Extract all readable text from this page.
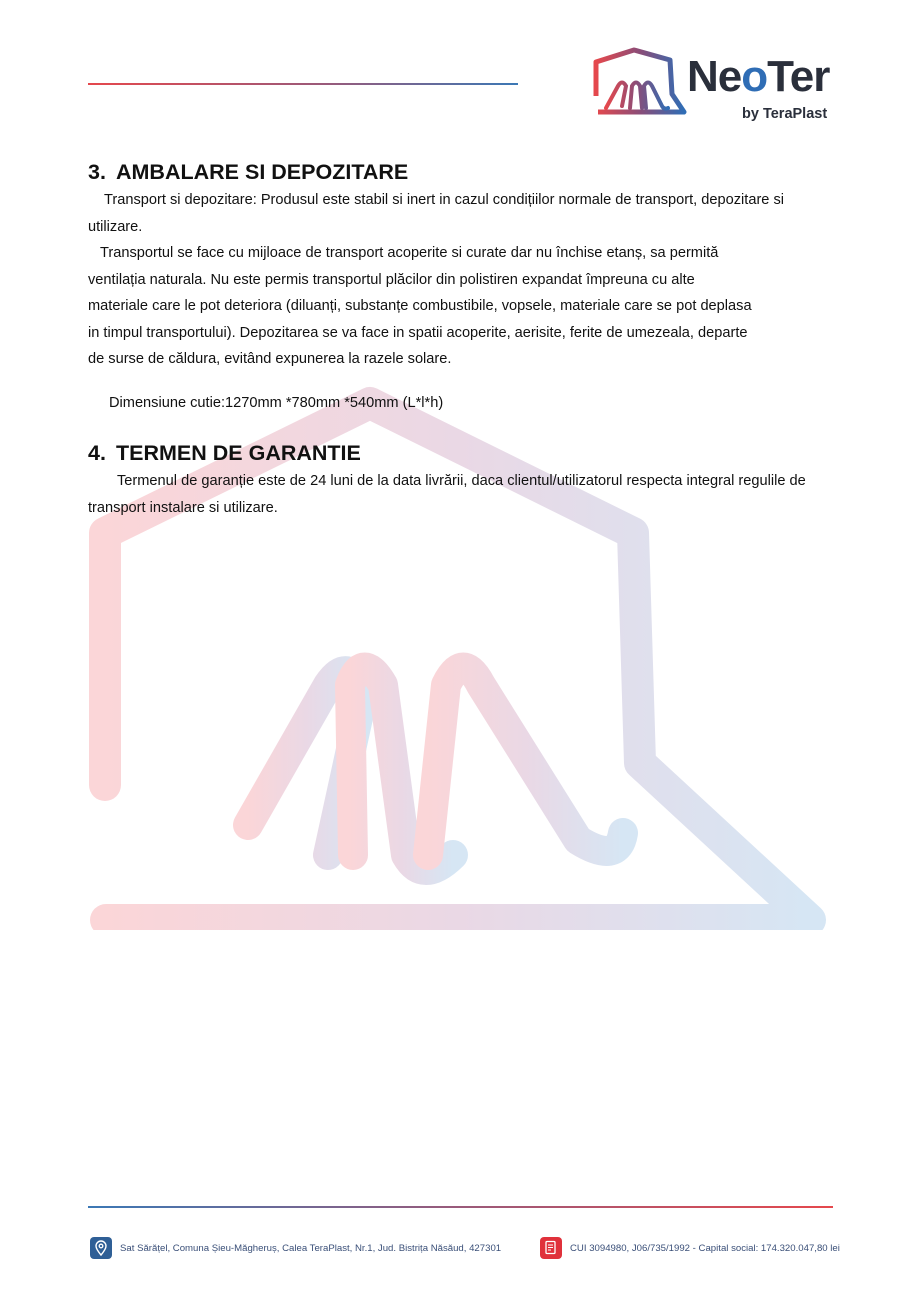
NeoTer
by TeraPlast
3. AMBALARE SI DEPOZITARE

Transport si depozitare: Produsul este stabil si inert in cazul condițiilor normale de transport, depozitare si utilizare.

Transportul se face cu mijloace de transport acoperite si curate dar nu închise etanș, sa permită
ventilația naturala. Nu este permis transportul plăcilor din polistiren expandat împreuna cu alte
materiale care le pot deteriora (diluanți, substanțe combustibile, vopsele, materiale care se pot deplasa
in timpul transportului). Depozitarea se va face in spatii acoperite, aerisite, ferite de umezeala, departe
de surse de căldura, evitând expunerea la razele solare.

Dimensiune cutie:1270mm *780mm *540mm (L*l*h)

4. TERMEN DE GARANTIE

Termenul de garanție este de 24 luni de la data livrării, daca clientul/utilizatorul respecta integral regulile de transport instalare si utilizare.

Sat Sărățel, Comuna Șieu-Măgheruș, Calea TeraPlast, Nr.1, Jud. Bistrița Năsăud, 427301	CUI 3094980, J06/735/1992 - Capital social: 174.320.047,80 lei
